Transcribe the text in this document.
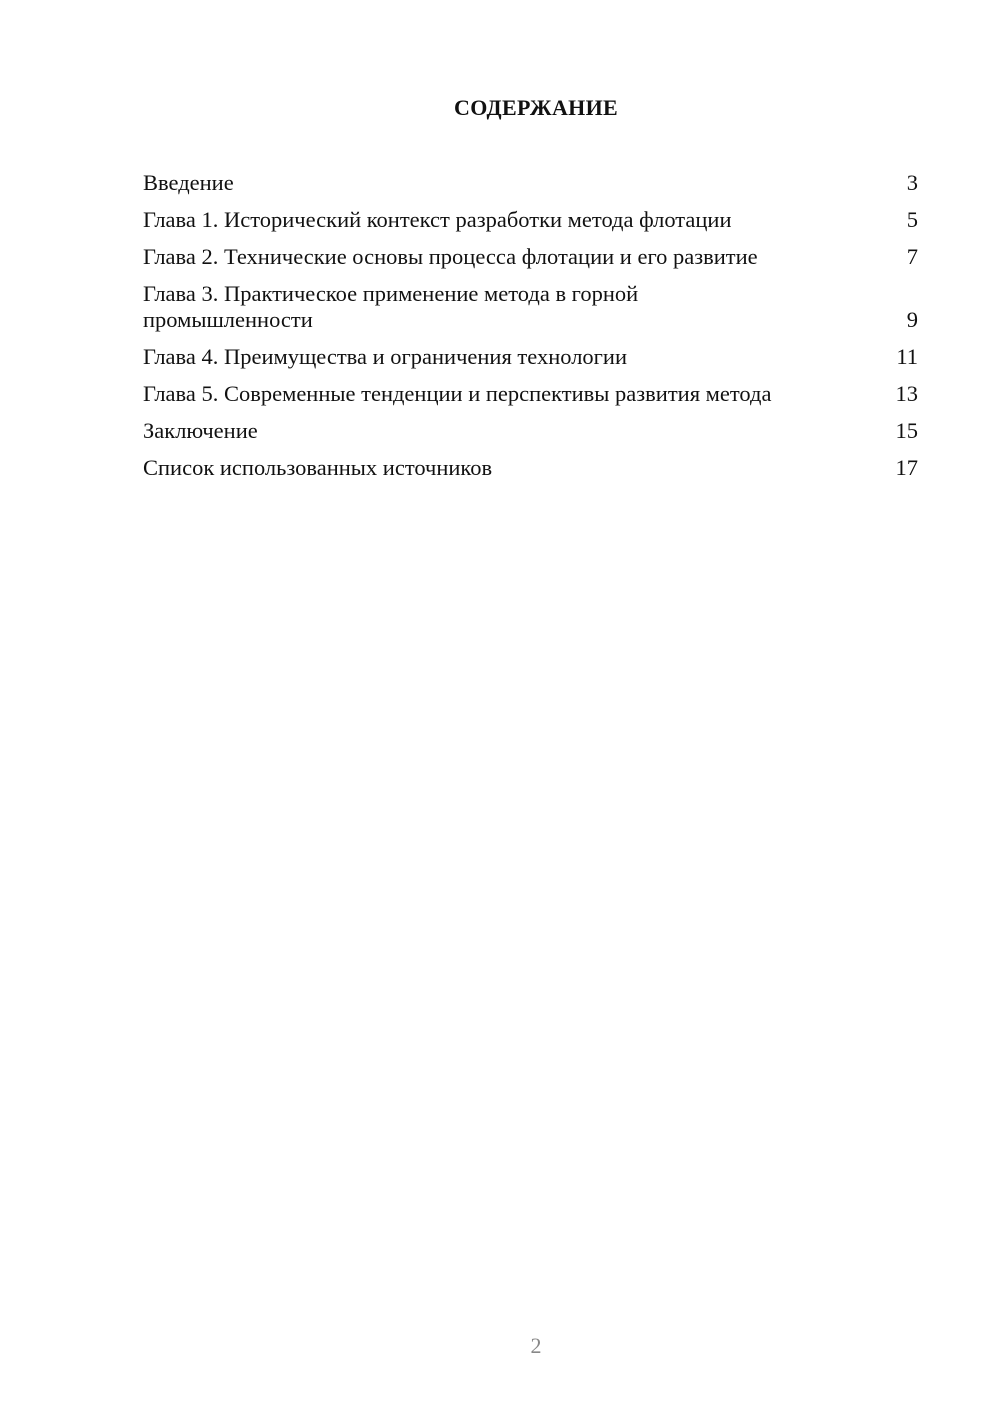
СОДЕРЖАНИЕ
Введение	3
Глава 1. Исторический контекст разработки метода флотации	5
Глава 2. Технические основы процесса флотации и его развитие	7
Глава 3. Практическое применение метода в горной промышленности	9
Глава 4. Преимущества и ограничения технологии	11
Глава 5. Современные тенденции и перспективы развития метода	13
Заключение	15
Список использованных источников	17
2
